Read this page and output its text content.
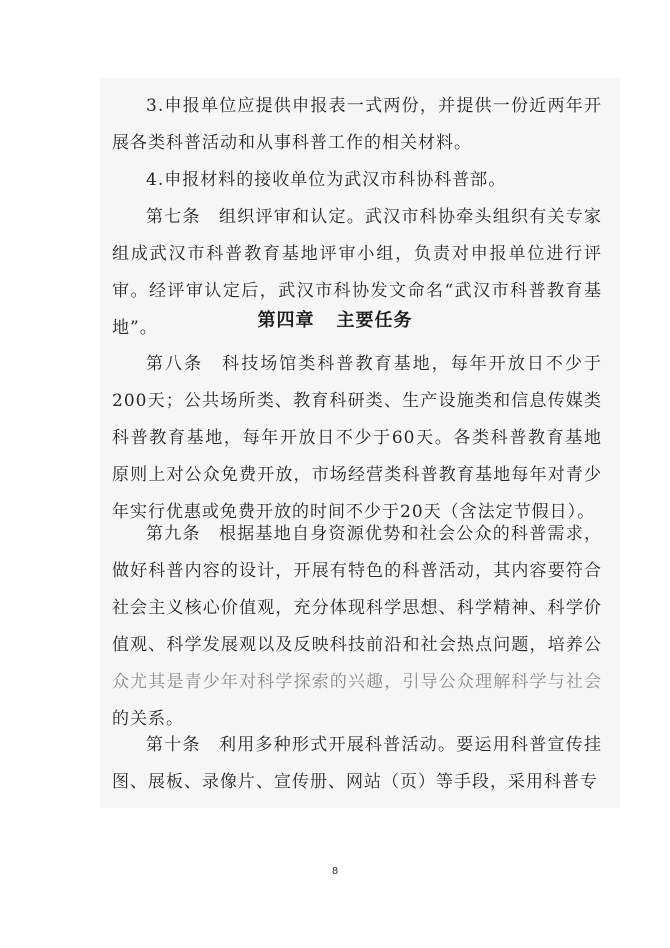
3.申报单位应提供申报表一式两份，并提供一份近两年开展各类科普活动和从事科普工作的相关材料。

4.申报材料的接收单位为武汉市科协科普部。

第七条　组织评审和认定。武汉市科协牵头组织有关专家组成武汉市科普教育基地评审小组，负责对申报单位进行评审。经评审认定后，武汉市科协发文命名“武汉市科普教育基地”。	第四章 主要任务

第八条　科技场馆类科普教育基地，每年开放日不少于200天；公共场所类、教育科研类、生产设施类和信息传媒类科普教育基地，每年开放日不少于60天。各类科普教育基地原则上对公众免费开放，市场经营类科普教育基地每年对青少年实行优惠或免费开放的时间不少于20天（含法定节假日）。

第九条　根据基地自身资源优势和社会公众的科普需求，做好科普内容的设计，开展有特色的科普活动，其内容要符合社会主义核心价值观，充分体现科学思想、科学精神、科学价值观、科学发展观以及反映科技前沿和社会热点问题，培养公众尤其是青少年对科学探索的兴趣，引导公众理解科学与社会的关系。

第十条　利用多种形式开展科普活动。要运用科普宣传挂图、展板、录像片、宣传册、网站（页）等手段，采用科普专

8
